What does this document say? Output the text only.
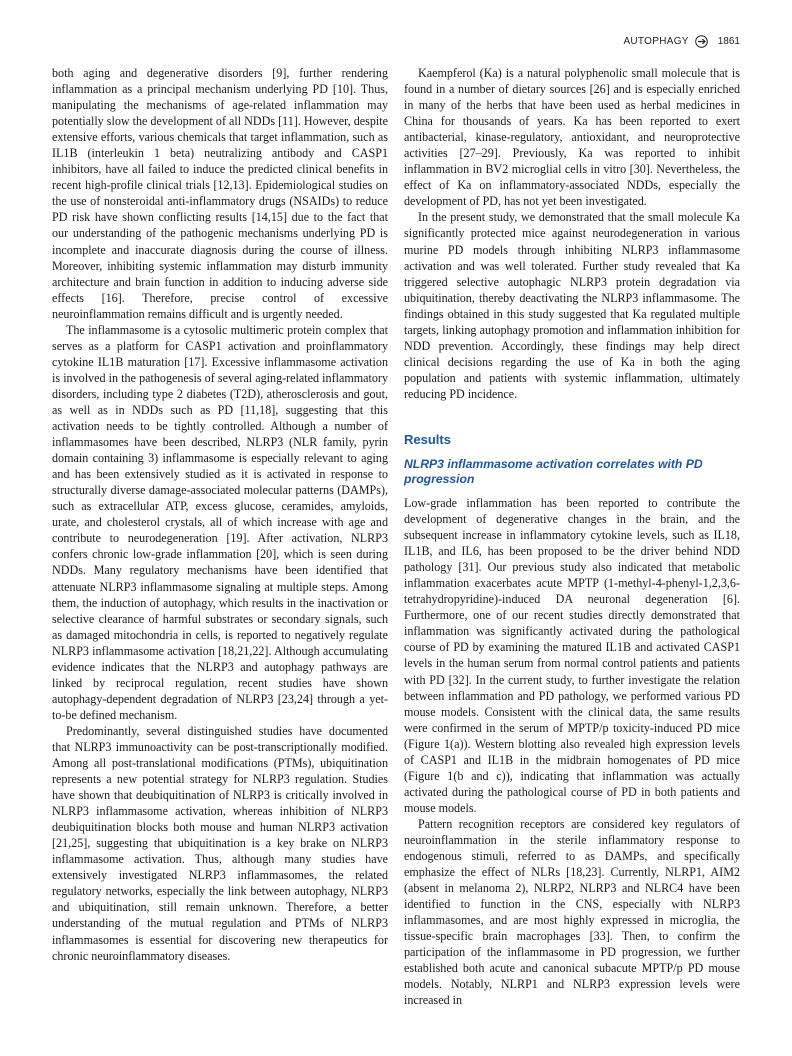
AUTOPHAGY	1861

both aging and degenerative disorders [9], further rendering inflammation as a principal mechanism underlying PD [10]. Thus, manipulating the mechanisms of age-related inflammation may potentially slow the development of all NDDs [11]. However, despite extensive efforts, various chemicals that target inflammation, such as IL1B (interleukin 1 beta) neutralizing antibody and CASP1 inhibitors, have all failed to induce the predicted clinical benefits in recent high-profile clinical trials [12,13]. Epidemiological studies on the use of nonsteroidal anti-inflammatory drugs (NSAIDs) to reduce PD risk have shown conflicting results [14,15] due to the fact that our understanding of the pathogenic mechanisms underlying PD is incomplete and inaccurate diagnosis during the course of illness. Moreover, inhibiting systemic inflammation may disturb immunity architecture and brain function in addition to inducing adverse side effects [16]. Therefore, precise control of excessive neuroinflammation remains difficult and is urgently needed.

The inflammasome is a cytosolic multimeric protein complex that serves as a platform for CASP1 activation and proinflammatory cytokine IL1B maturation [17]. Excessive inflammasome activation is involved in the pathogenesis of several aging-related inflammatory disorders, including type 2 diabetes (T2D), atherosclerosis and gout, as well as in NDDs such as PD [11,18], suggesting that this activation needs to be tightly controlled. Although a number of inflammasomes have been described, NLRP3 (NLR family, pyrin domain containing 3) inflammasome is especially relevant to aging and has been extensively studied as it is activated in response to structurally diverse damage-associated molecular patterns (DAMPs), such as extracellular ATP, excess glucose, ceramides, amyloids, urate, and cholesterol crystals, all of which increase with age and contribute to neurodegeneration [19]. After activation, NLRP3 confers chronic low-grade inflammation [20], which is seen during NDDs. Many regulatory mechanisms have been identified that attenuate NLRP3 inflammasome signaling at multiple steps. Among them, the induction of autophagy, which results in the inactivation or selective clearance of harmful substrates or secondary signals, such as damaged mitochondria in cells, is reported to negatively regulate NLRP3 inflammasome activation [18,21,22]. Although accumulating evidence indicates that the NLRP3 and autophagy pathways are linked by reciprocal regulation, recent studies have shown autophagy-dependent degradation of NLRP3 [23,24] through a yet-to-be defined mechanism.

Predominantly, several distinguished studies have documented that NLRP3 immunoactivity can be post-transcriptionally modified. Among all post-translational modifications (PTMs), ubiquitination represents a new potential strategy for NLRP3 regulation. Studies have shown that deubiquitination of NLRP3 is critically involved in NLRP3 inflammasome activation, whereas inhibition of NLRP3 deubiquitination blocks both mouse and human NLRP3 activation [21,25], suggesting that ubiquitination is a key brake on NLRP3 inflammasome activation. Thus, although many studies have extensively investigated NLRP3 inflammasomes, the related regulatory networks, especially the link between autophagy, NLRP3 and ubiquitination, still remain unknown. Therefore, a better understanding of the mutual regulation and PTMs of NLRP3 inflammasomes is essential for discovering new therapeutics for chronic neuroinflammatory diseases.

Kaempferol (Ka) is a natural polyphenolic small molecule that is found in a number of dietary sources [26] and is especially enriched in many of the herbs that have been used as herbal medicines in China for thousands of years. Ka has been reported to exert antibacterial, kinase-regulatory, antioxidant, and neuroprotective activities [27–29]. Previously, Ka was reported to inhibit inflammation in BV2 microglial cells in vitro [30]. Nevertheless, the effect of Ka on inflammatory-associated NDDs, especially the development of PD, has not yet been investigated.

In the present study, we demonstrated that the small molecule Ka significantly protected mice against neurodegeneration in various murine PD models through inhibiting NLRP3 inflammasome activation and was well tolerated. Further study revealed that Ka triggered selective autophagic NLRP3 protein degradation via ubiquitination, thereby deactivating the NLRP3 inflammasome. The findings obtained in this study suggested that Ka regulated multiple targets, linking autophagy promotion and inflammation inhibition for NDD prevention. Accordingly, these findings may help direct clinical decisions regarding the use of Ka in both the aging population and patients with systemic inflammation, ultimately reducing PD incidence.

Results
NLRP3 inflammasome activation correlates with PD progression

Low-grade inflammation has been reported to contribute the development of degenerative changes in the brain, and the subsequent increase in inflammatory cytokine levels, such as IL18, IL1B, and IL6, has been proposed to be the driver behind NDD pathology [31]. Our previous study also indicated that metabolic inflammation exacerbates acute MPTP (1-methyl-4-phenyl-1,2,3,6-tetrahydropyridine)-induced DA neuronal degeneration [6]. Furthermore, one of our recent studies directly demonstrated that inflammation was significantly activated during the pathological course of PD by examining the matured IL1B and activated CASP1 levels in the human serum from normal control patients and patients with PD [32]. In the current study, to further investigate the relation between inflammation and PD pathology, we performed various PD mouse models. Consistent with the clinical data, the same results were confirmed in the serum of MPTP/p toxicity-induced PD mice (Figure 1(a)). Western blotting also revealed high expression levels of CASP1 and IL1B in the midbrain homogenates of PD mice (Figure 1(b and c)), indicating that inflammation was actually activated during the pathological course of PD in both patients and mouse models.

Pattern recognition receptors are considered key regulators of neuroinflammation in the sterile inflammatory response to endogenous stimuli, referred to as DAMPs, and specifically emphasize the effect of NLRs [18,23]. Currently, NLRP1, AIM2 (absent in melanoma 2), NLRP2, NLRP3 and NLRC4 have been identified to function in the CNS, especially with NLRP3 inflammasomes, and are most highly expressed in microglia, the tissue-specific brain macrophages [33]. Then, to confirm the participation of the inflammasome in PD progression, we further established both acute and canonical subacute MPTP/p PD mouse models. Notably, NLRP1 and NLRP3 expression levels were increased in
